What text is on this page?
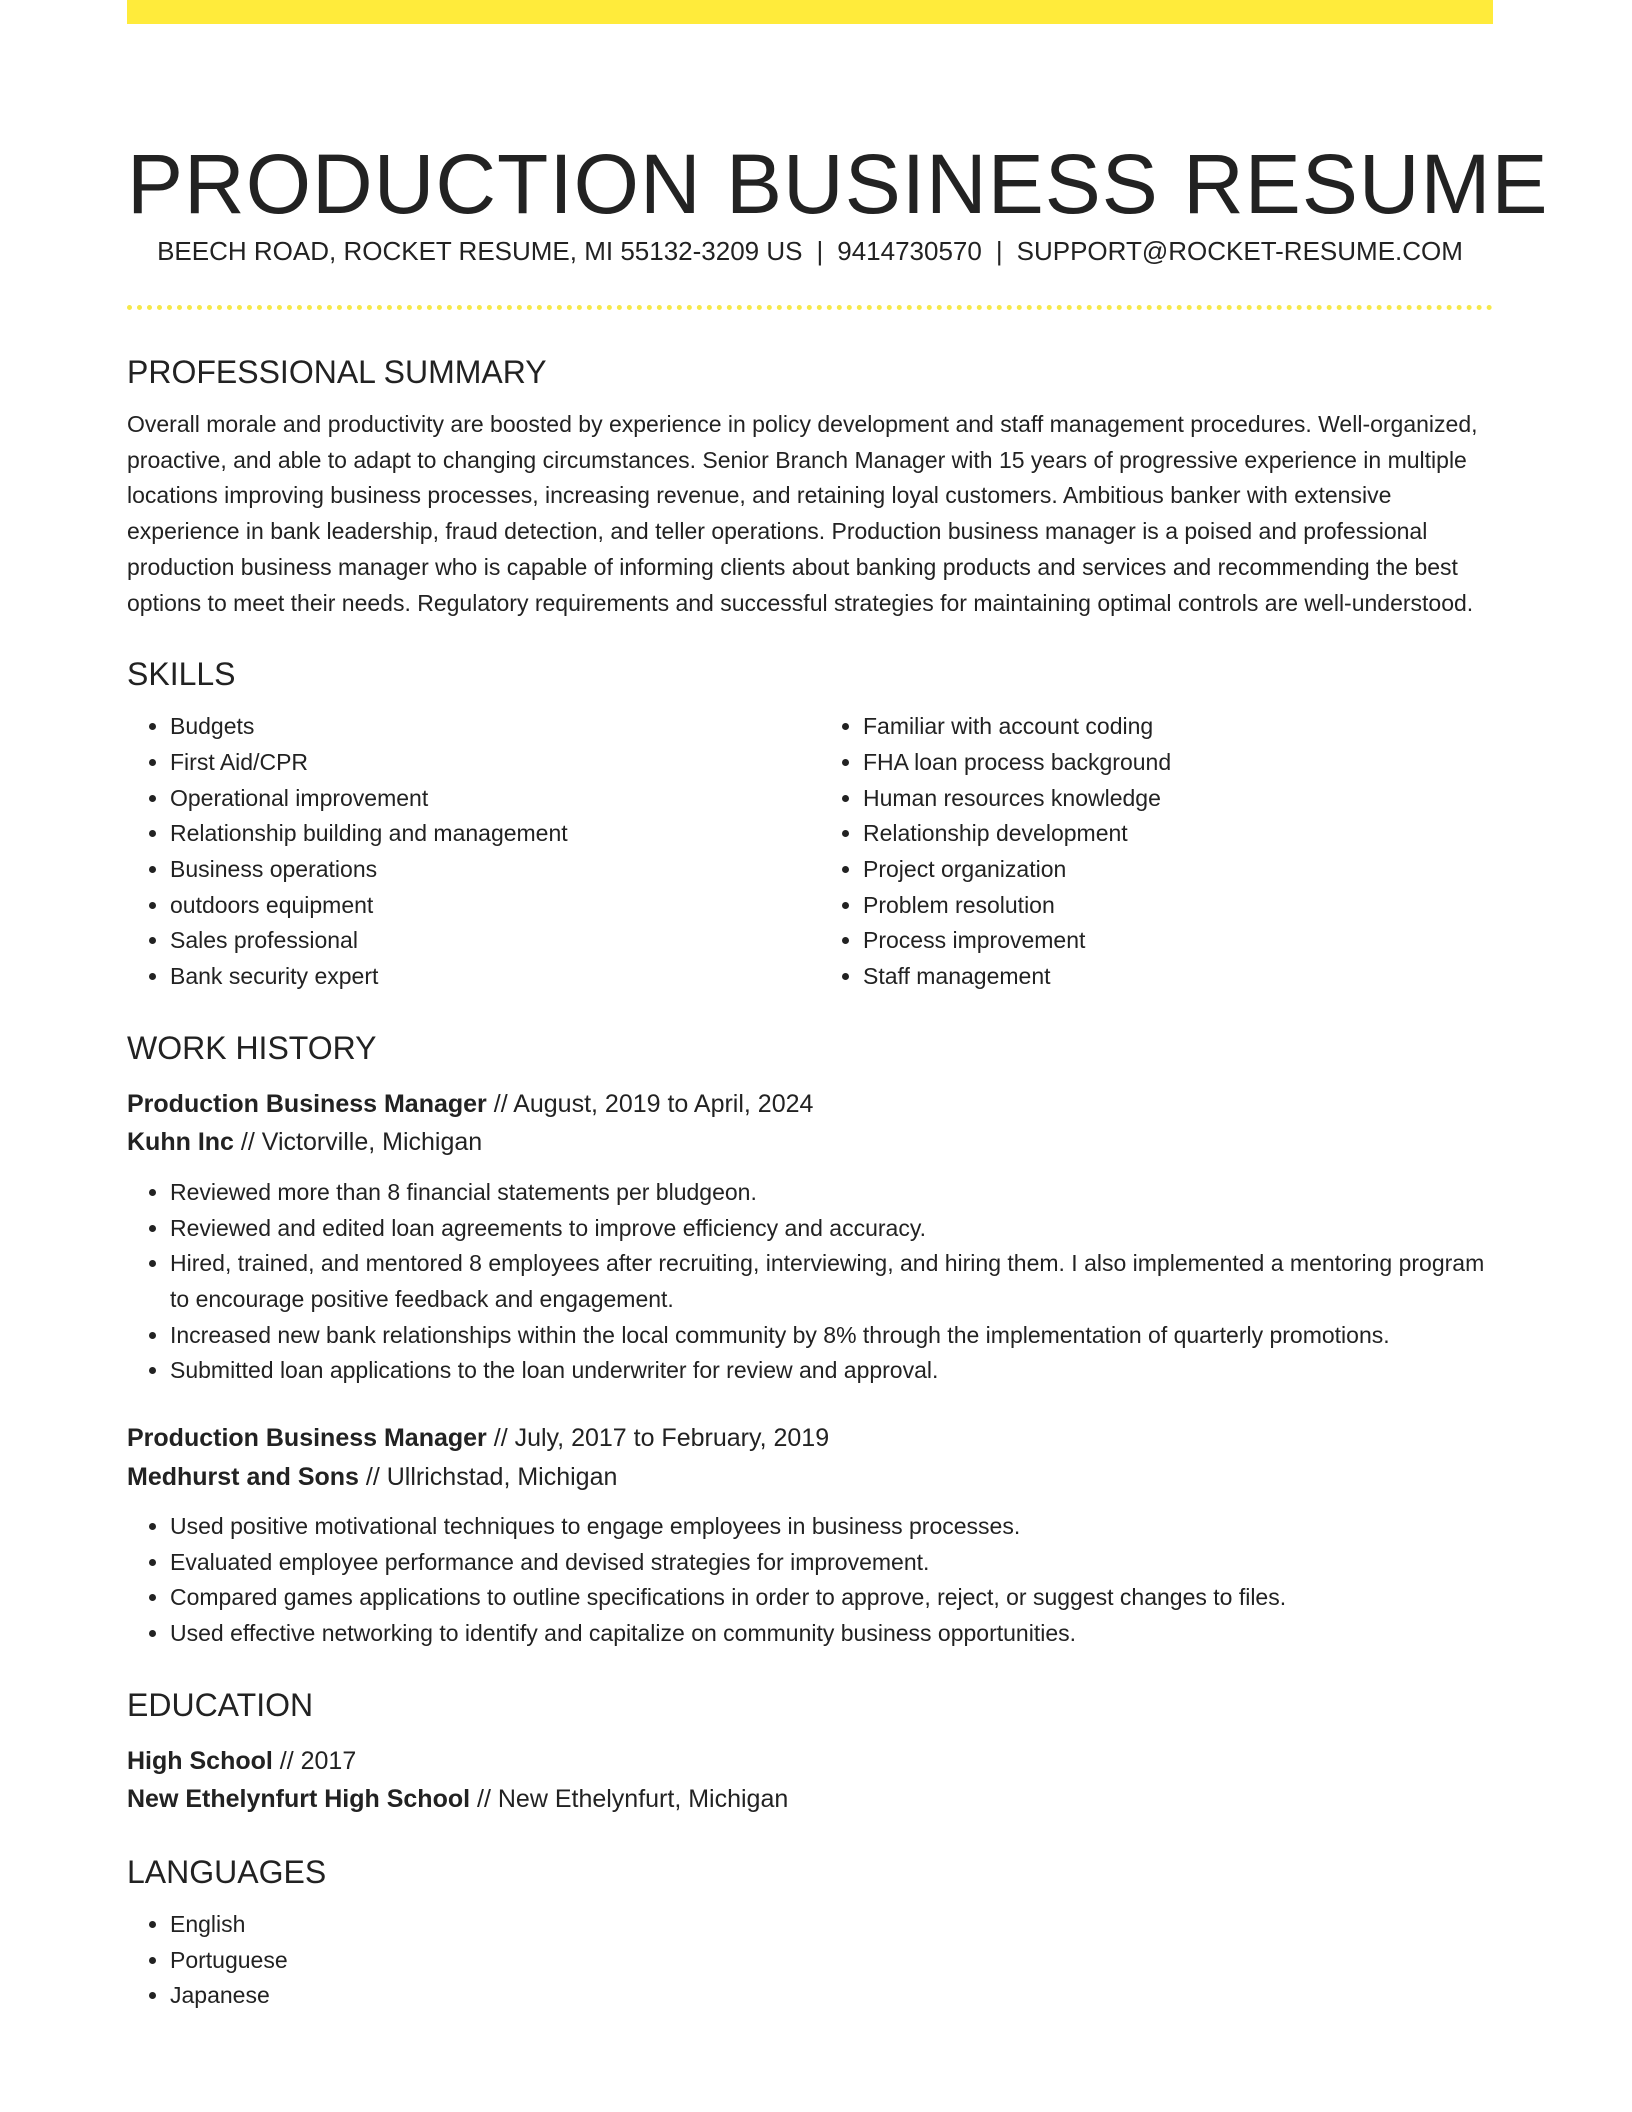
PRODUCTION BUSINESS RESUME
BEECH ROAD, ROCKET RESUME, MI 55132-3209 US | 9414730570 | SUPPORT@ROCKET-RESUME.COM
PROFESSIONAL SUMMARY

Overall morale and productivity are boosted by experience in policy development and staff management procedures. Well-organized, proactive, and able to adapt to changing circumstances. Senior Branch Manager with 15 years of progressive experience in multiple locations improving business processes, increasing revenue, and retaining loyal customers. Ambitious banker with extensive experience in bank leadership, fraud detection, and teller operations. Production business manager is a poised and professional production business manager who is capable of informing clients about banking products and services and recommending the best options to meet their needs. Regulatory requirements and successful strategies for maintaining optimal controls are well-understood.

SKILLS
• Budgets
• First Aid/CPR
• Operational improvement
• Relationship building and management
• Business operations
• outdoors equipment
• Sales professional
• Bank security expert
• Familiar with account coding
• FHA loan process background
• Human resources knowledge
• Relationship development
• Project organization
• Problem resolution
• Process improvement
• Staff management
WORK HISTORY
Production Business Manager // August, 2019 to April, 2024
Kuhn Inc // Victorville, Michigan
• Reviewed more than 8 financial statements per bludgeon.
• Reviewed and edited loan agreements to improve efficiency and accuracy.
• Hired, trained, and mentored 8 employees after recruiting, interviewing, and hiring them. I also implemented a mentoring program to encourage positive feedback and engagement.
• Increased new bank relationships within the local community by 8% through the implementation of quarterly promotions.
• Submitted loan applications to the loan underwriter for review and approval.
Production Business Manager // July, 2017 to February, 2019
Medhurst and Sons // Ullrichstad, Michigan
• Used positive motivational techniques to engage employees in business processes.
• Evaluated employee performance and devised strategies for improvement.
• Compared games applications to outline specifications in order to approve, reject, or suggest changes to files.
• Used effective networking to identify and capitalize on community business opportunities.
EDUCATION
High School // 2017
New Ethelynfurt High School // New Ethelynfurt, Michigan
LANGUAGES
• English
• Portuguese
• Japanese
